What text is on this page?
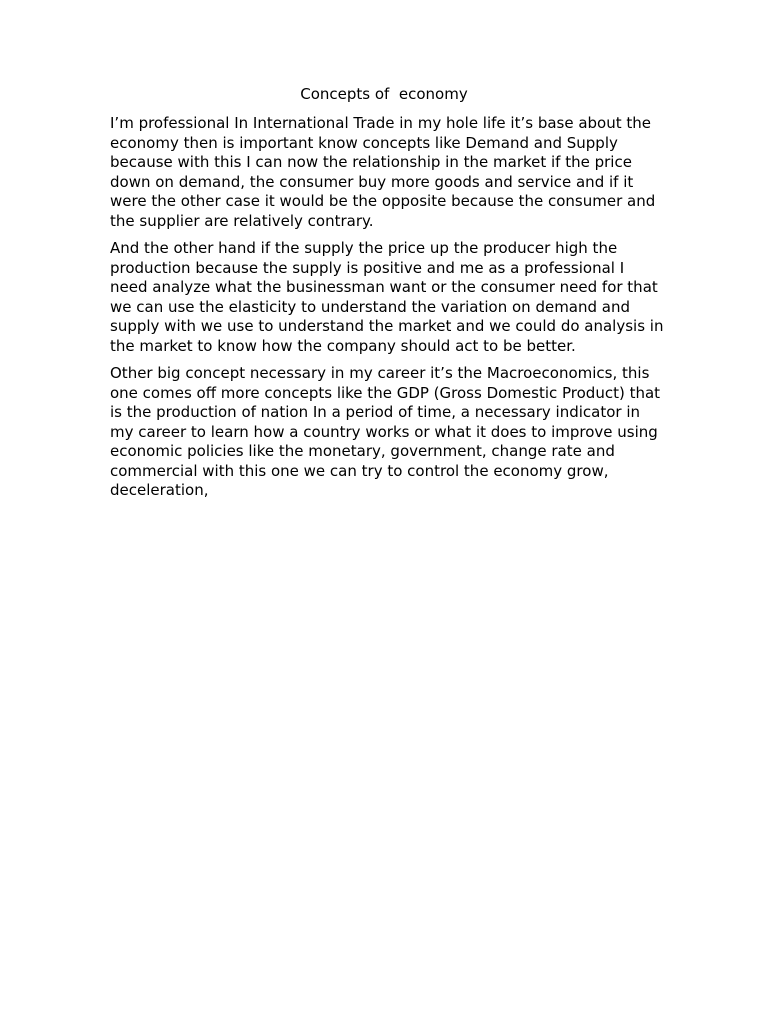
Concepts of  economy

I’m professional In International Trade in my hole life it’s base about the economy then is important know concepts like Demand and Supply because with this I can now the relationship in the market if the price down on demand, the consumer buy more goods and service and if it were the other case it would be the opposite because the consumer and the supplier are relatively contrary.

And the other hand if the supply the price up the producer high the production because the supply is positive and me as a professional I need analyze what the businessman want or the consumer need for that we can use the elasticity to understand the variation on demand and supply with we use to understand the market and we could do analysis in the market to know how the company should act to be better.

Other big concept necessary in my career it’s the Macroeconomics, this one comes off more concepts like the GDP (Gross Domestic Product) that is the production of nation In a period of time, a necessary indicator in my career to learn how a country works or what it does to improve using economic policies like the monetary, government, change rate and commercial with this one we can try to control the economy grow, deceleration,
